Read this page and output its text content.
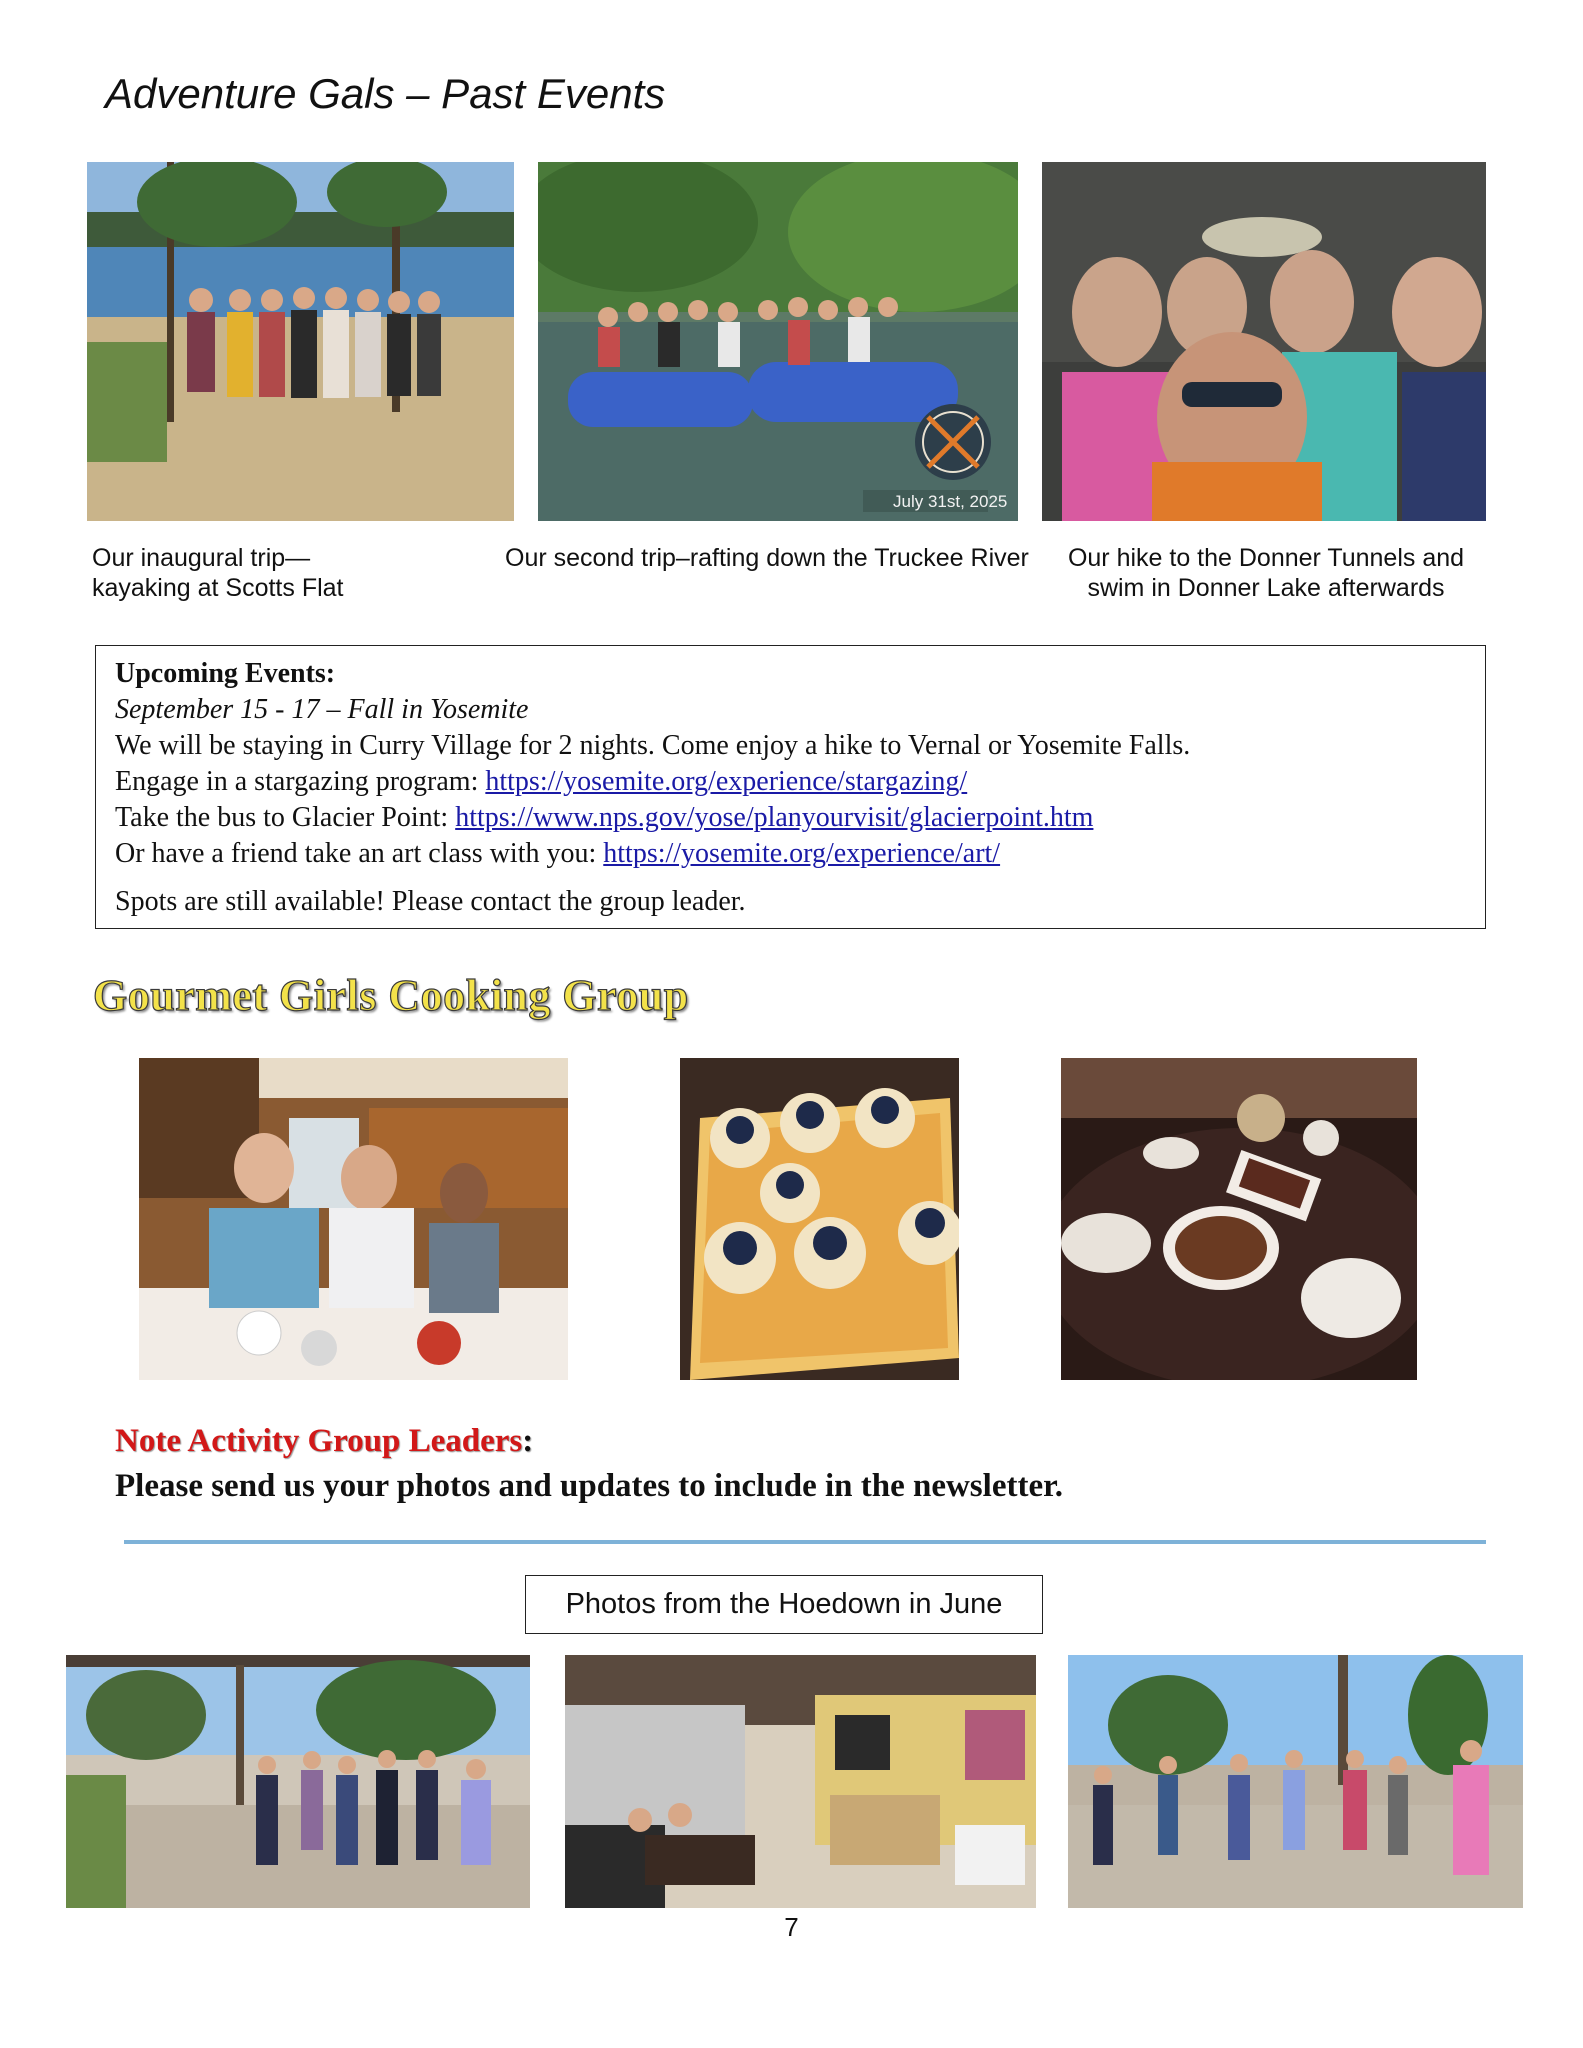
Adventure Gals – Past Events
July 31st, 2025
Our inaugural trip—
kayaking at Scotts Flat
Our second trip–rafting down the Truckee River	Our hike to the Donner Tunnels and
swim in Donner Lake afterwards
Upcoming Events:
September 15 - 17 – Fall in Yosemite
We will be staying in Curry Village for 2 nights. Come enjoy a hike to Vernal or Yosemite Falls.
Engage in a stargazing program: https://yosemite.org/experience/stargazing/
Take the bus to Glacier Point: https://www.nps.gov/yose/planyourvisit/glacierpoint.htm
Or have a friend take an art class with you: https://yosemite.org/experience/art/
Spots are still available! Please contact the group leader.
Gourmet Girls Cooking Group
Note Activity Group Leaders:
Please send us your photos and updates to include in the newsletter.
Photos from the Hoedown in June
7
